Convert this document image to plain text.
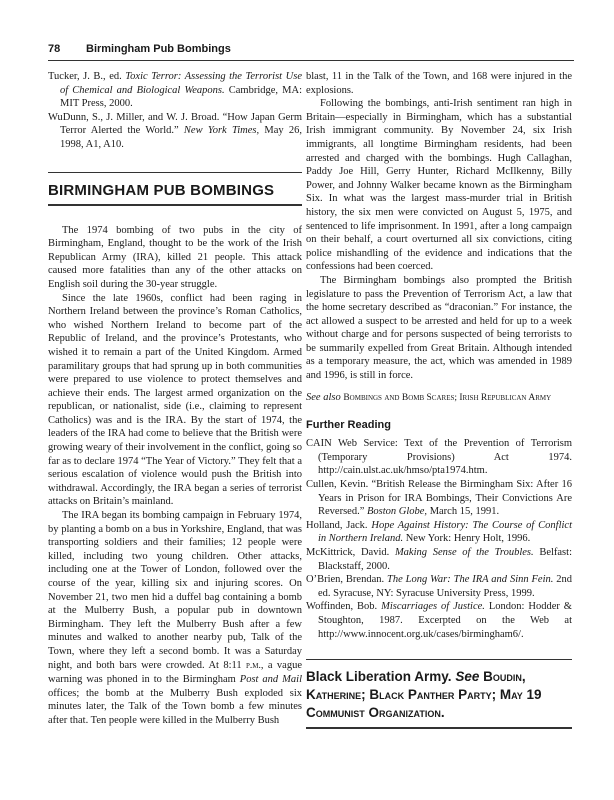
78 Birmingham Pub Bombings

Tucker, J. B., ed. Toxic Terror: Assessing the Terrorist Use of Chemical and Biological Weapons. Cambridge, MA: MIT Press, 2000.

WuDunn, S., J. Miller, and W. J. Broad. “How Japan Germ Terror Alerted the World.” New York Times, May 26, 1998, A1, A10.

BIRMINGHAM PUB BOMBINGS

The 1974 bombing of two pubs in the city of Birmingham, England, thought to be the work of the Irish Republican Army (IRA), killed 21 people. This attack caused more fatalities than any of the other attacks on English soil during the 30-year struggle.

Since the late 1960s, conflict had been raging in Northern Ireland between the province’s Roman Catholics, who wished Northern Ireland to become part of the Republic of Ireland, and the province’s Protestants, who wished it to remain a part of the United Kingdom. Armed paramilitary groups that had sprung up in both communities were prepared to use violence to protect themselves and achieve their ends. The largest armed organization on the republican, or nationalist, side (i.e., claiming to represent Catholics) was and is the IRA. By the start of 1974, the leaders of the IRA had come to believe that the British were growing weary of their involvement in the conflict, going so far as to declare 1974 “The Year of Victory.” They felt that a serious escalation of violence would push the British into withdrawal. Accordingly, the IRA began a series of terrorist attacks on Britain’s mainland.

The IRA began its bombing campaign in February 1974, by planting a bomb on a bus in Yorkshire, England, that was transporting soldiers and their families; 12 people were killed, including two young children. Other attacks, including one at the Tower of London, followed over the course of the year, killing six and injuring scores. On November 21, two men hid a duffel bag containing a bomb at the Mulberry Bush, a popular pub in downtown Birmingham. They left the Mulberry Bush after a few minutes and walked to another nearby pub, Talk of the Town, where they left a second bomb. It was a Saturday night, and both bars were crowded. At 8:11 p.m., a vague warning was phoned in to the Birmingham Post and Mail offices; the bomb at the Mulberry Bush exploded six minutes later, the Talk of the Town bomb a few minutes after that. Ten people were killed in the Mulberry Bush

blast, 11 in the Talk of the Town, and 168 were injured in the explosions.

Following the bombings, anti-Irish sentiment ran high in Britain—especially in Birmingham, which has a substantial Irish immigrant community. By November 24, six Irish immigrants, all longtime Birmingham residents, had been arrested and charged with the bombings. Hugh Callaghan, Paddy Joe Hill, Gerry Hunter, Richard McIlkenny, Billy Power, and Johnny Walker became known as the Birmingham Six. In what was the largest mass-murder trial in British history, the six men were convicted on August 5, 1975, and sentenced to life imprisonment. In 1991, after a long campaign on their behalf, a court overturned all six convictions, citing police mishandling of the evidence and indications that the confessions had been coerced.

The Birmingham bombings also prompted the British legislature to pass the Prevention of Terrorism Act, a law that the home secretary described as “draconian.” For instance, the act allowed a suspect to be arrested and held for up to a week without charge and for persons suspected of being terrorists to be summarily expelled from Great Britain. Although intended as a temporary measure, the act, which was amended in 1989 and 1996, is still in force.

See also Bombings and Bomb Scares; Irish Republican Army

Further Reading

CAIN Web Service: Text of the Prevention of Terrorism (Temporary Provisions) Act 1974. http://cain.ulst.ac.uk/hmso/pta1974.htm.

Cullen, Kevin. “British Release the Birmingham Six: After 16 Years in Prison for IRA Bombings, Their Convictions Are Reversed.” Boston Globe, March 15, 1991.

Holland, Jack. Hope Against History: The Course of Conflict in Northern Ireland. New York: Henry Holt, 1996.

McKittrick, David. Making Sense of the Troubles. Belfast: Blackstaff, 2000.

O’Brien, Brendan. The Long War: The IRA and Sinn Fein. 2nd ed. Syracuse, NY: Syracuse University Press, 1999.

Woffinden, Bob. Miscarriages of Justice. London: Hodder & Stoughton, 1987. Excerpted on the Web at http://www.innocent.org.uk/cases/birmingham6/.

Black Liberation Army. See Boudin, Katherine; Black Panther Party; May 19 Communist Organization.
